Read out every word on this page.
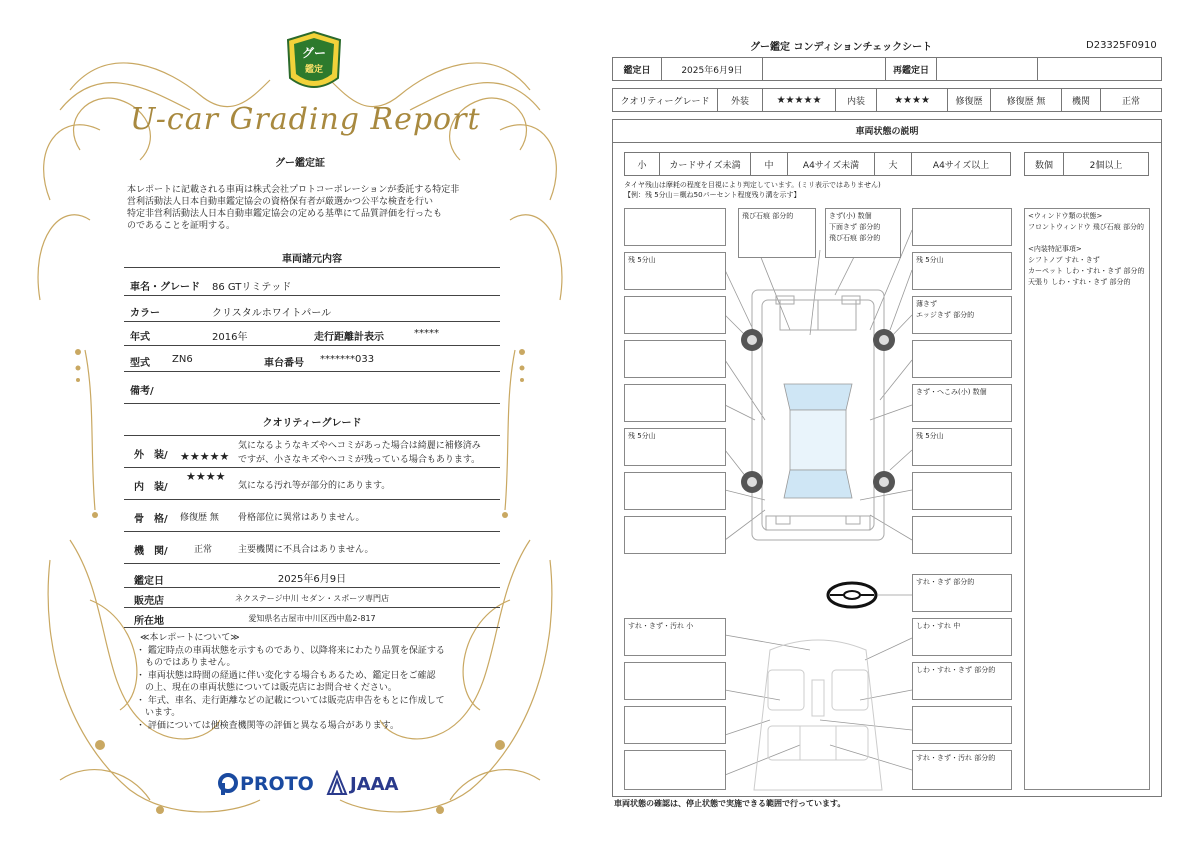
グー
鑑定
U-car Grading Report
グー鑑定証
本レポートに記載される車両は株式会社プロトコーポレーションが委託する特定非
営利活動法人日本自動車鑑定協会の資格保有者が厳選かつ公平な検査を行い
特定非営利活動法人日本自動車鑑定協会の定める基準にて品質評価を行ったも
のであることを証明する。
車両諸元内容
車名・グレード 86 GTリミテッド
カラー	クリスタルホワイトパール
年式	2016年	走行距離計表示	*****
型式 ZN6	車台番号 *******033
備考/
クオリティーグレード
外　装/ ★★★★★
気になるようなキズやヘコミがあった場合は綺麗に補修済み
ですが、小さなキズやヘコミが残っている場合もあります。
内　装/
★★★★
気になる汚れ等が部分的にあります。
骨　格/ 修復歴 無 骨格部位に異常はありません。
機　関/	正常	主要機関に不具合はありません。
鑑定日	2025年6月9日
販売店	ネクステージ中川 セダン・スポーツ専門店
所在地	愛知県名古屋市中川区西中島2-817
≪本レポートについて≫
・ 鑑定時点の車両状態を示すものであり、以降将来にわたり品質を保証する
　ものではありません。
・ 車両状態は時間の経過に伴い変化する場合もあるため、鑑定日をご確認
　の上、現在の車両状態については販売店にお問合せください。
・ 年式、車名、走行距離などの記載については販売店申告をもとに作成して
　います。
・ 評価については他検査機関等の評価と異なる場合があります。
PROTO JAAA
グー鑑定 コンディションチェックシート	D23325F0910
鑑定日	2025年6月9日	再鑑定日
クオリティーグレード	外装	★★★★★	内装	★★★★	修復歴	修復歴 無	機関	正常
車両状態の説明
小	カードサイズ未満	中	A4サイズ未満	大	A4サイズ以上	数個	2個以上
タイヤ残山は摩耗の程度を目視により判定しています。(ミリ表示ではありません)
【例：残 5分山＝概ね50パーセント程度残り溝を示す】
飛び石痕 部分的	きず(小) 数個
下面きず 部分的
飛び石痕 部分的
残 5分山	残 5分山
薄きず
エッジきず 部分的
きず・へこみ(小) 数個
残 5分山	残 5分山
すれ・きず 部分的
すれ・きず・汚れ 小	しわ・すれ 中
しわ・すれ・きず 部分的
すれ・きず・汚れ 部分的
<ウィンドウ類の状態>
フロントウィンドウ 飛び石痕 部分的
<内装特記事項>
シフトノブ すれ・きず
カーペット しわ・すれ・きず 部分的
天張り しわ・すれ・きず 部分的
車両状態の確認は、停止状態で実施できる範囲で行っています。
